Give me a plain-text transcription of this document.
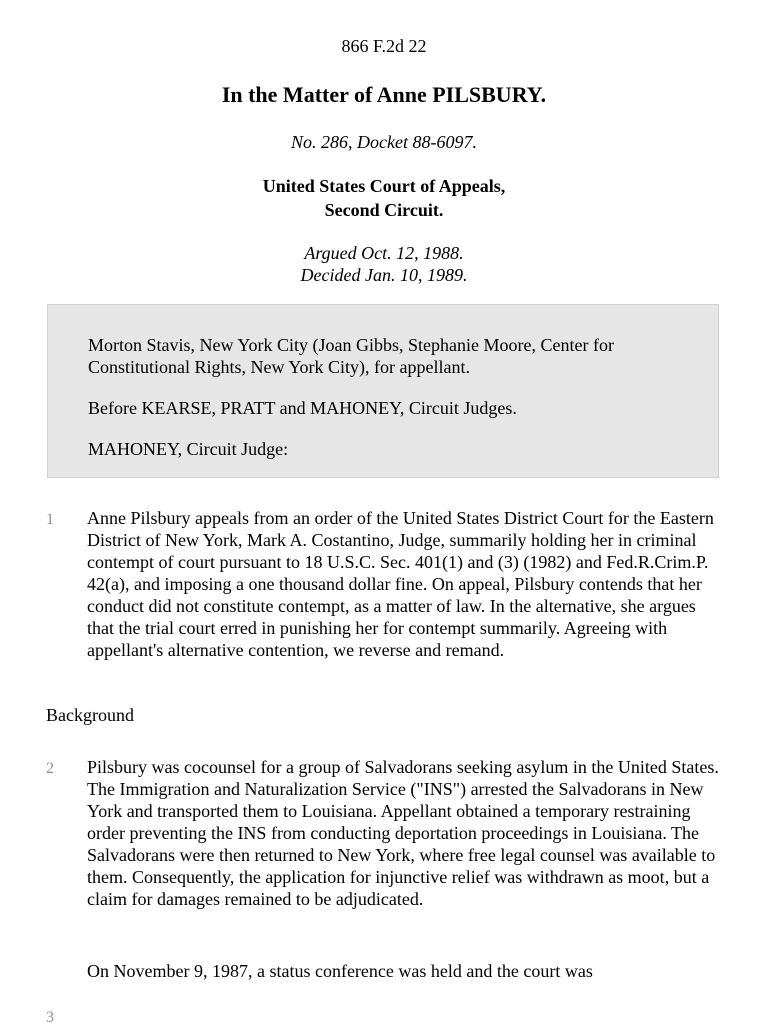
866 F.2d 22
In the Matter of Anne PILSBURY.
No. 286, Docket 88-6097.
United States Court of Appeals,
Second Circuit.
Argued Oct. 12, 1988.
Decided Jan. 10, 1989.

Morton Stavis, New York City (Joan Gibbs, Stephanie Moore, Center for Constitutional Rights, New York City), for appellant.

Before KEARSE, PRATT and MAHONEY, Circuit Judges.

MAHONEY, Circuit Judge:

1 Anne Pilsbury appeals from an order of the United States District Court for the Eastern District of New York, Mark A. Costantino, Judge, summarily holding her in criminal contempt of court pursuant to 18 U.S.C. Sec. 401(1) and (3) (1982) and Fed.R.Crim.P. 42(a), and imposing a one thousand dollar fine. On appeal, Pilsbury contends that her conduct did not constitute contempt, as a matter of law. In the alternative, she argues that the trial court erred in punishing her for contempt summarily. Agreeing with appellant's alternative contention, we reverse and remand.

Background

2 Pilsbury was cocounsel for a group of Salvadorans seeking asylum in the United States. The Immigration and Naturalization Service ("INS") arrested the Salvadorans in New York and transported them to Louisiana. Appellant obtained a temporary restraining order preventing the INS from conducting deportation proceedings in Louisiana. The Salvadorans were then returned to New York, where free legal counsel was available to them. Consequently, the application for injunctive relief was withdrawn as moot, but a claim for damages remained to be adjudicated.

3

On November 9, 1987, a status conference was held and the court was
